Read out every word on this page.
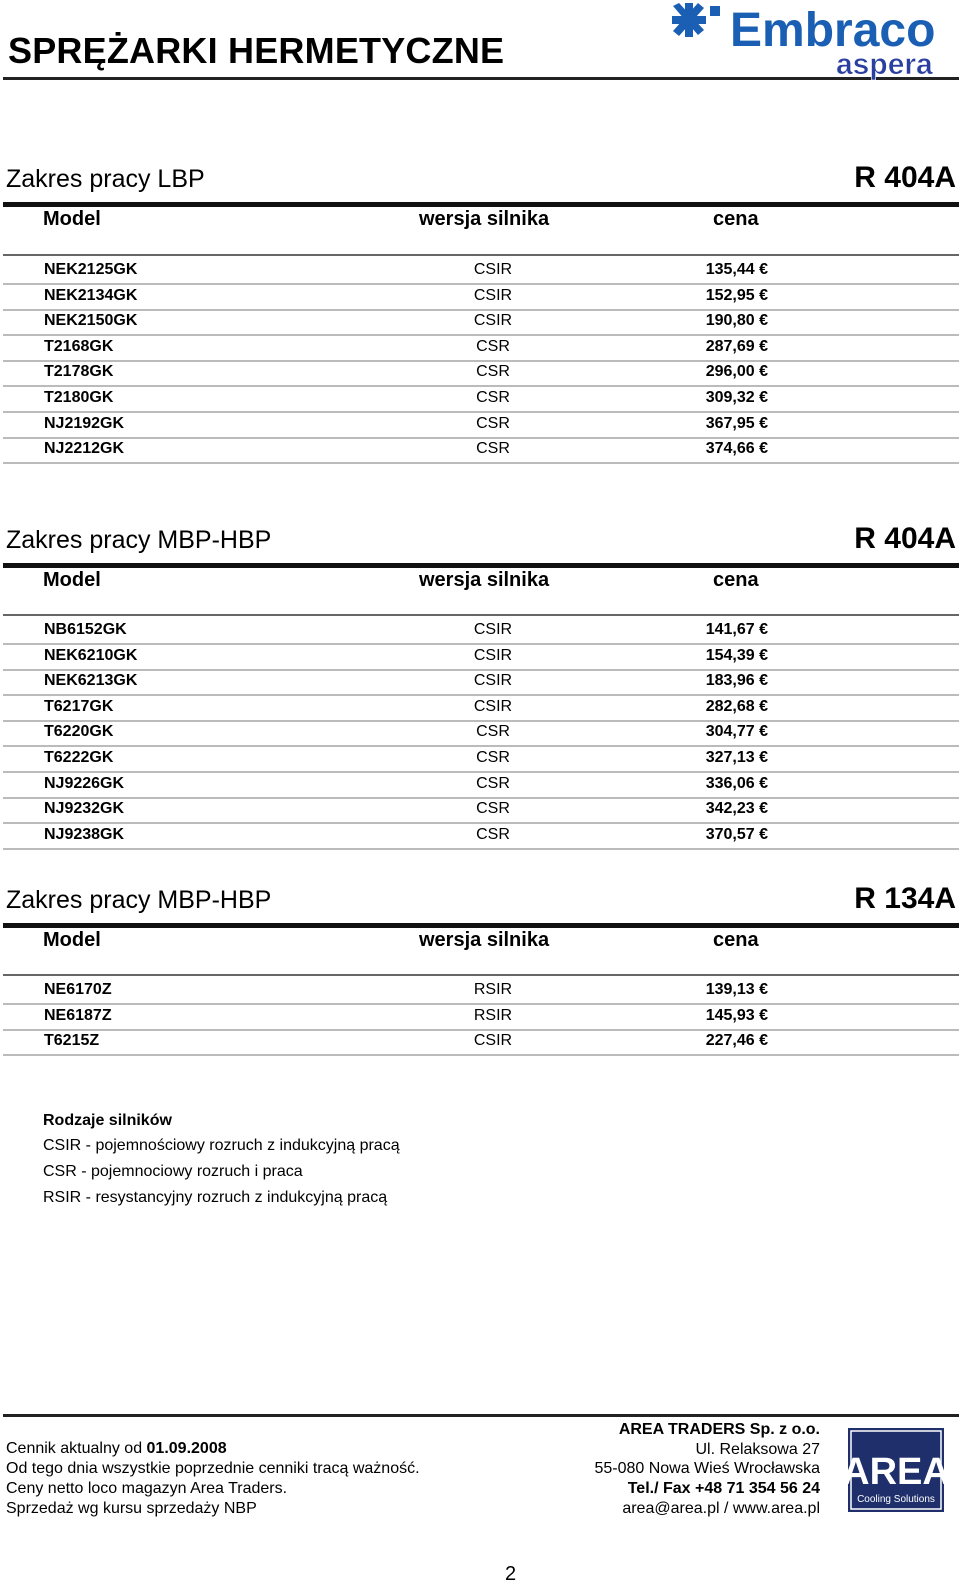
SPRĘŻARKI HERMETYCZNE	Embraco
aspera
Zakres pracy LBP	R 404A
Model	wersja silnika	cena
NEK2125GK	CSIR	135,44 €
NEK2134GK	CSIR	152,95 €
NEK2150GK	CSIR	190,80 €
T2168GK	CSR	287,69 €
T2178GK	CSR	296,00 €
T2180GK	CSR	309,32 €
NJ2192GK	CSR	367,95 €
NJ2212GK	CSR	374,66 €
Zakres pracy MBP-HBP	R 404A
Model	wersja silnika	cena
NB6152GK	CSIR	141,67 €
NEK6210GK	CSIR	154,39 €
NEK6213GK	CSIR	183,96 €
T6217GK	CSIR	282,68 €
T6220GK	CSR	304,77 €
T6222GK	CSR	327,13 €
NJ9226GK	CSR	336,06 €
NJ9232GK	CSR	342,23 €
NJ9238GK	CSR	370,57 €
Zakres pracy MBP-HBP	R 134A
Model	wersja silnika	cena
NE6170Z	RSIR	139,13 €
NE6187Z	RSIR	145,93 €
T6215Z	CSIR	227,46 €
Rodzaje silników
CSIR - pojemnościowy rozruch z indukcyjną pracą
CSR - pojemnociowy rozruch i praca
RSIR - resystancyjny rozruch z indukcyjną pracą
Cennik aktualny od 01.09.2008
Od tego dnia wszystkie poprzednie cenniki tracą ważność.
Ceny netto loco magazyn Area Traders.
Sprzedaż wg kursu sprzedaży NBP
AREA TRADERS Sp. z o.o.
Ul. Relaksowa 27
55-080 Nowa Wieś Wrocławska
Tel./ Fax +48 71 354 56 24
area@area.pl / www.area.pl
AREA
Cooling Solutions
2
